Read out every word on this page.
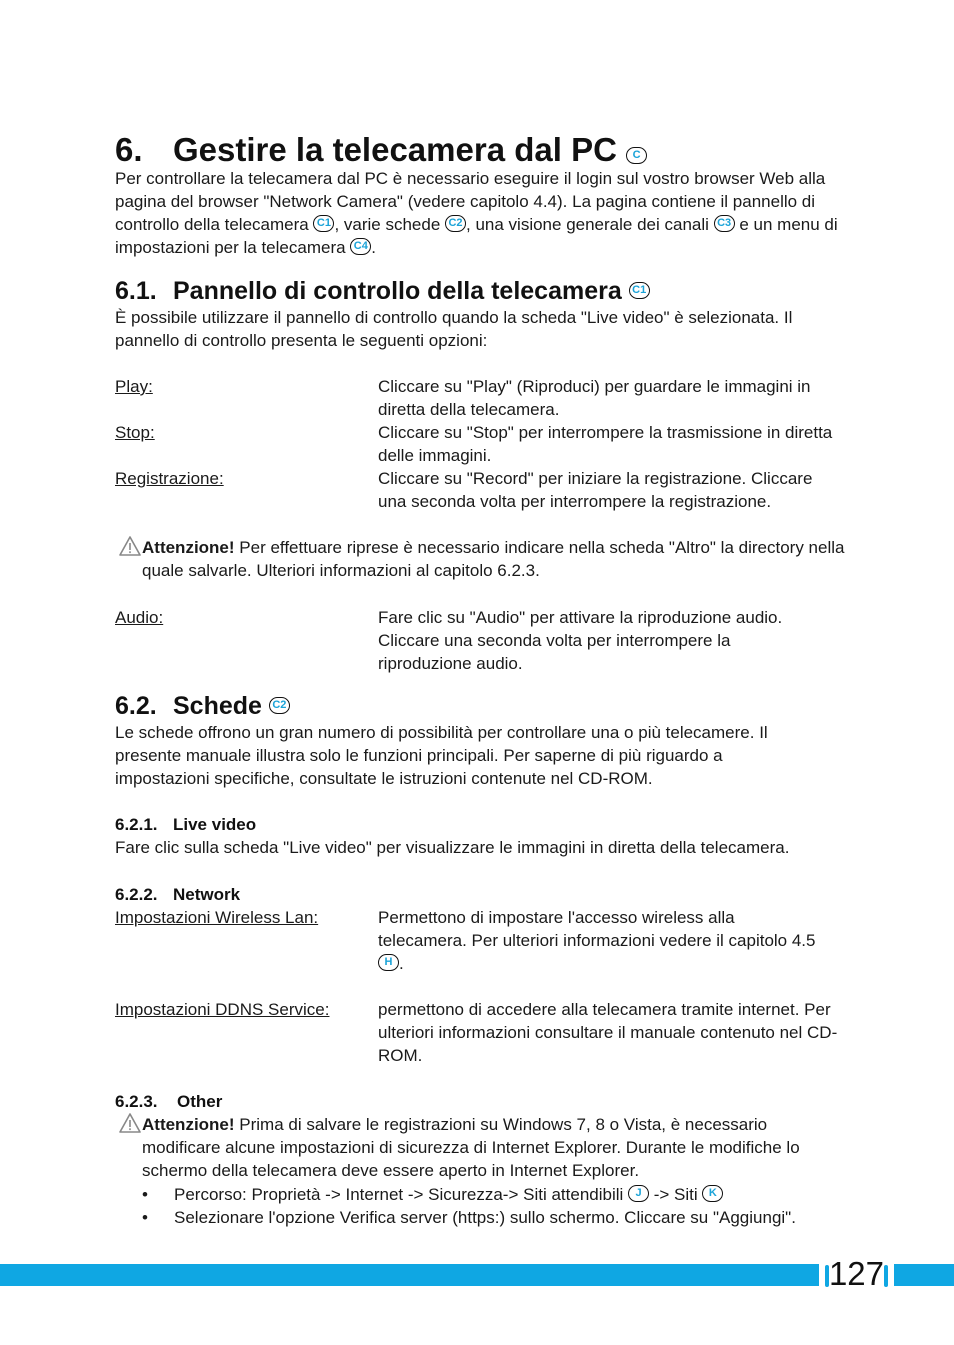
6. Gestire la telecamera dal PC C
Per controllare la telecamera dal PC è necessario eseguire il login sul vostro browser Web alla pagina del browser "Network Camera" (vedere capitolo 4.4). La pagina contiene il pannello di controllo della telecamera C1 , varie schede C2 , una visione generale dei canali C3 e un menu di impostazioni per la telecamera C4 .
6.1. Pannello di controllo della telecamera C1
È possibile utilizzare il pannello di controllo quando la scheda "Live video" è selezionata. Il pannello di controllo presenta le seguenti opzioni:
Play:	Cliccare su "Play" (Riproduci) per guardare le immagini in diretta della telecamera.
Stop:	Cliccare su "Stop" per interrompere la trasmissione in diretta delle immagini.
Registrazione:	Cliccare su "Record" per iniziare la registrazione. Cliccare una seconda volta per interrompere la registrazione.
Attenzione! Per effettuare riprese è necessario indicare nella scheda "Altro" la directory nella quale salvarle. Ulteriori informazioni al capitolo 6.2.3.
Audio:	Fare clic su "Audio" per attivare la riproduzione audio. Cliccare una seconda volta per interrompere la riproduzione audio.
6.2. Schede C2
Le schede offrono un gran numero di possibilità per controllare una o più telecamere. Il presente manuale illustra solo le funzioni principali. Per saperne di più riguardo a impostazioni specifiche, consultate le istruzioni contenute nel CD-ROM.
6.2.1. Live video
Fare clic sulla scheda "Live video" per visualizzare le immagini in diretta della telecamera.
6.2.2. Network
Impostazioni Wireless Lan:	Permettono di impostare l'accesso wireless alla telecamera. Per ulteriori informazioni vedere il capitolo 4.5 H .
Impostazioni DDNS Service:	permettono di accedere alla telecamera tramite internet. Per ulteriori informazioni consultare il manuale contenuto nel CD-ROM.
6.2.3. Other
Attenzione! Prima di salvare le registrazioni su Windows 7, 8 o Vista, è necessario modificare alcune impostazioni di sicurezza di Internet Explorer. Durante le modifiche lo schermo della telecamera deve essere aperto in Internet Explorer.
• Percorso: Proprietà -> Internet -> Sicurezza-> Siti attendibili J -> Siti K
• Selezionare l'opzione Verifica server (https:) sullo schermo. Cliccare su "Aggiungi".
127
